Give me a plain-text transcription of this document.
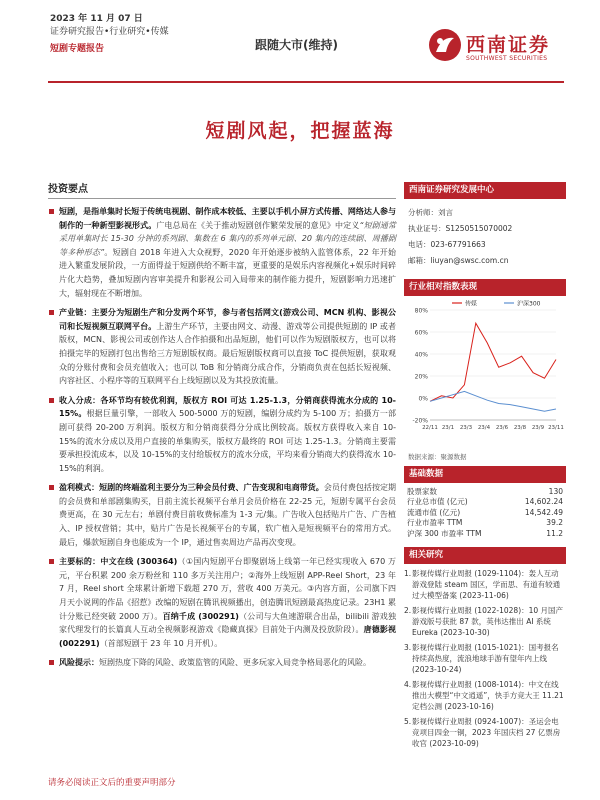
2023 年 11 月 07 日
证券研究报告•行业研究•传媒
短剧专题报告	跟随大市(维持)	西南证券
SOUTHWEST SECURITIES
短剧风起，把握蓝海
投资要点
短剧，是指单集时长短于传统电视剧、制作成本较低、主要以手机小屏方式传播、网络达人参与制作的一种新型影视形式。广电总局在《关于推动短剧创作繁荣发展的意见》中定义“短剧通常采用单集时长 15-30 分钟的系列剧、集数在 6 集内的系列单元剧、20 集内的连续剧、周播剧等多种形态”。短剧自 2018 年进入大众视野，2020 年开始逐步被纳入监管体系，22 年开始进入繁重发展阶段，一方面得益于短剧供给不断丰富，更重要的是娱乐内容视频化+娱乐时间碎片化大趋势，叠加短剧内容审美提升和影视公司入局带来的制作能力提升，短剧影响力迅速扩大，辐射现在不断增加。
产业链：主要分为短剧生产和分发两个环节，参与者包括网文(游戏公司、MCN 机构、影视公司和长短视频互联网平台。上游生产环节，主要由网文、动漫、游戏等公司提供短剧的 IP 或者版权，MCN、影视公司或创作达人合作拍摄和出品短剧，他们可以作为短剧版权方，也可以将拍摄完毕的短剧打包出售给三方短剧版权商。最后短剧版权商可以直接 ToC 提供短剧，获取观众的分账付费和会员充值收入；也可以 ToB 和分销商分成合作，分销商负责在包括长短视频、内容社区、小程序等的互联网平台上线短剧以及为其投放流量。
收入分成：各环节均有较优利润，版权方 ROI 可达 1.25-1.3，分销商获得流水分成的 10-15%。根据巨量引擎，一部收入 500-5000 万的短剧，编剧分成约为 5-100 万；拍摄方一部剧可获得 20-200 万利润。版权方和分销商获得分分成比例较高。版权方获得收入来自 10-15%的流水分成以及用户直接的单集购买，版权方最终的 ROI 可达 1.25-1.3。分销商主要需要承担投流成本，以及 10-15%的支付给版权方的流水分成，平均来看分销商大约获得流水 10-15%的利润。
盈利模式：短剧的终端盈利主要分为三种会员付费、广告变现和电商带货。会员付费包括按定期的会员费和单部剧集购买，目前主流长视频平台单月会员价格在 22-25 元，短剧专属平台会员费更高，在 30 元左右；单剧付费目前收费标准为 1-3 元/集。广告收入包括贴片广告、广告植入、IP 授权营销；其中，贴片广告是长视频平台的专属，软广植入是短视频平台的常用方式。最后，爆款短剧自身也能成为一个 IP，通过售卖周边产品再次变现。
主要标的：中文在线 (300364)（①国内短剧平台即聚剧场上线第一年已经实现收入 670 万元，平台积累 200 余万粉丝和 110 多万关注用户；②海外上线短剧 APP-Reel Short，23 年 7 月，Reel short 全球累计新增下载超 270 万，营收 400 万美元。③内容方面，公司旗下四月天小说网的作品《招惹》改编的短剧在腾讯视频播出，创造腾讯短剧最高热度记录。23H1 累计分账已经突破 2000 万）。百纳千成 (300291)（公司与大鱼速游联合出品，bilibili 游戏独家代理发行的长篇真人互动全视频影视游戏《隐藏真探》目前处于内测及投放阶段）。唐德影视 (002291)（首部短剧于 23 年 10 月开机）。
风险提示：短剧热度下降的风险、政策监管的风险、更多玩家入局竞争格局恶化的风险。
西南证券研究发展中心
分析师：刘言
执业证号：S1250515070002
电话：023-67791663
邮箱：liuyan@swsc.com.cn
行业相对指数表现
80%
60%
40%
20%
0%
-20%
22/11 23/1 23/3 23/4 23/6 23/8 23/9 23/11
传媒	沪深300
数据来源：聚源数据
基础数据
股票家数	130
行业总市值 (亿元)	14,602.24
流通市值 (亿元)	14,542.49
行业市盈率 TTM	39.2
沪深 300 市盈率 TTM	11.2
相关研究
1. 影视传媒行业周报 (1029-1104)：轰人互动游戏登陆 steam 国区，学而思、有道有较通过大模型备案 (2023-11-06)
2. 影视传媒行业周报 (1022-1028)：10 月国产游戏版号获批 87 款，英伟达推出 AI 系统 Eureka (2023-10-30)
3. 影视传媒行业周报 (1015-1021)：国考报名持续高热度，流浪地球手游有望年内上线 (2023-10-24)
4. 影视传媒行业周报 (1008-1014)：中文在线推出大模型“中文逍遥”，快手方竞大王 11.21 定档公测 (2023-10-16)
5. 影视传媒行业周报 (0924-1007)：圣运会电竞项目四金一铜，2023 年国庆档 27 亿票房收官 (2023-10-09)
请务必阅读正文后的重要声明部分
